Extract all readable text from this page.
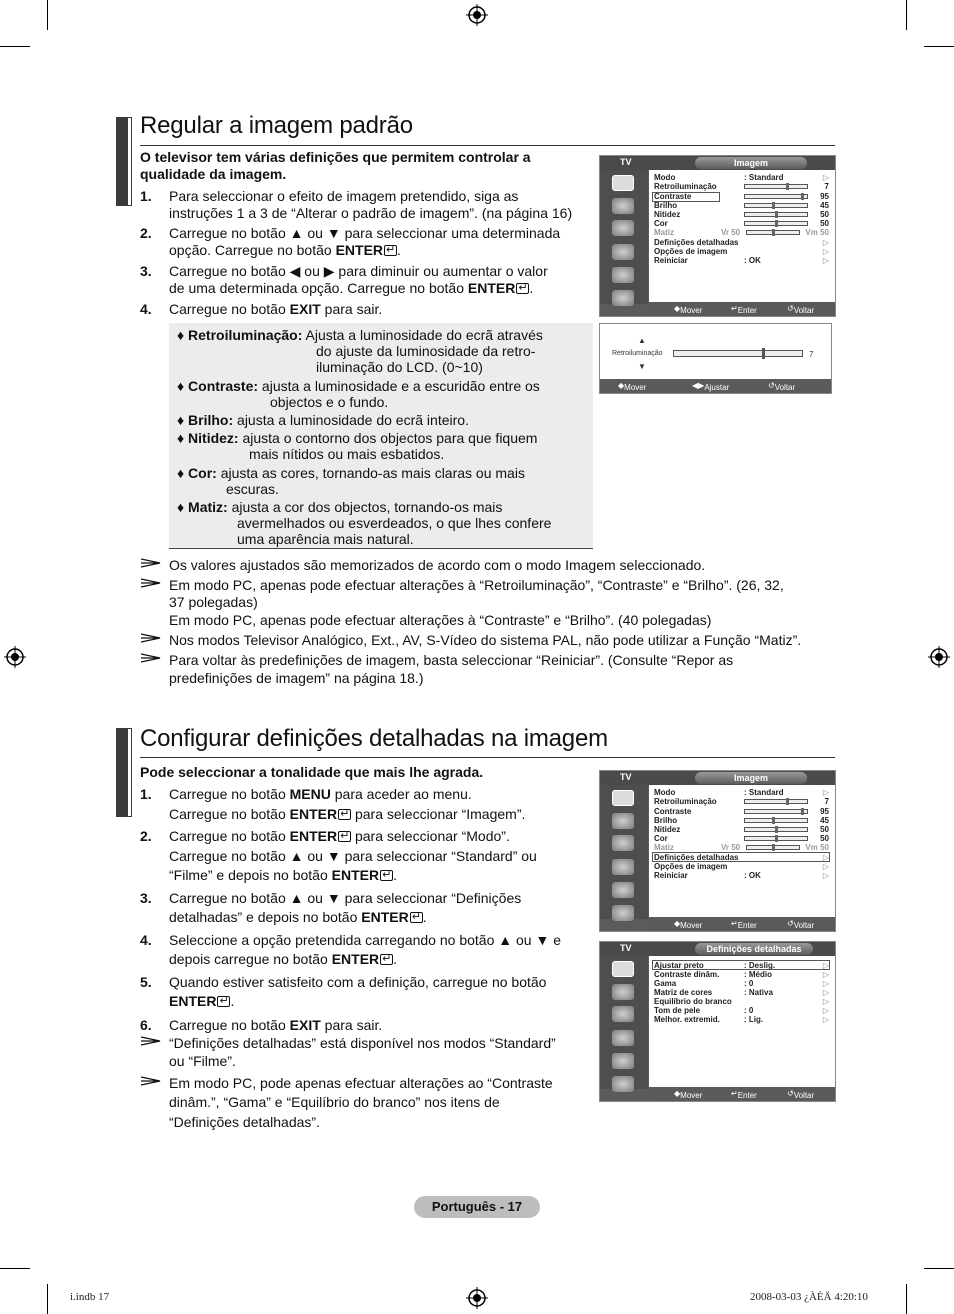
Regular a imagem padrão
O televisor tem várias definições que permitem controlar a
qualidade da imagem.
1. Para seleccionar o efeito de imagem pretendido, siga as
instruções 1 a 3 de “Alterar o padrão de imagem”. (na página 16)
2. Carregue no botão ▲ ou ▼ para seleccionar uma determinada
opção. Carregue no botão ENTER ↵ .
3. Carregue no botão ◀ ou ▶ para diminuir ou aumentar o valor
de uma determinada opção. Carregue no botão ENTER ↵ .
4. Carregue no botão EXIT para sair.
♦ Retroiluminação: Ajusta a luminosidade do ecrã através
do ajuste da luminosidade da retro-
iluminação do LCD. (0~10)
♦ Contraste: ajusta a luminosidade e a escuridão entre os
objectos e o fundo.
♦ Brilho: ajusta a luminosidade do ecrã inteiro.
♦ Nitidez: ajusta o contorno dos objectos para que fiquem
mais nítidos ou mais esbatidos.
♦ Cor: ajusta as cores, tornando-as mais claras ou mais
escuras.
♦ Matiz: ajusta a cor dos objectos, tornando-os mais
avermelhados ou esverdeados, o que lhes confere
uma aparência mais natural.
Os valores ajustados são memorizados de acordo com o modo Imagem seleccionado.
Em modo PC, apenas pode efectuar alterações à “Retroiluminação”, “Contraste” e “Brilho”. (26, 32,
37 polegadas)
Em modo PC, apenas pode efectuar alterações à “Contraste” e “Brilho”. (40 polegadas)
Nos modos Televisor Analógico, Ext., AV, S-Vídeo do sistema PAL, não pode utilizar a Função “Matiz”.
Para voltar às predefinições de imagem, basta seleccionar “Reiniciar”. (Consulte “Repor as
predefinições de imagem” na página 18.)
TV	Imagem
Modo	: Standard	▷
Retroiluminação	7
Contraste	95
Brilho	45
Nitidez	50
Cor	50
Matiz	Vr 50	Vm 50
Definições detalhadas	▷
Opções de imagem	▷
Reiniciar	: OK	▷
◆ Mover	↵ Enter	↺ Voltar
▲
Retroiluminação	7
▼
◆ Mover	◀▶ Ajustar	↺ Voltar
Configurar definições detalhadas na imagem
Pode seleccionar a tonalidade que mais lhe agrada.
1. Carregue no botão MENU para aceder ao menu.
Carregue no botão ENTER↵ para seleccionar “Imagem”.
2. Carregue no botão ENTER↵ para seleccionar “Modo”.
Carregue no botão ▲ ou ▼ para seleccionar “Standard” ou
“Filme” e depois no botão ENTER ↵ .
3. Carregue no botão ▲ ou ▼ para seleccionar “Definições
detalhadas” e depois no botão ENTER ↵ .
4. Seleccione a opção pretendida carregando no botão ▲ ou ▼ e
depois carregue no botão ENTER ↵ .
5. Quando estiver satisfeito com a definição, carregue no botão
ENTER ↵ .
6. Carregue no botão EXIT para sair.
“Definições detalhadas” está disponível nos modos “Standard”
ou “Filme”.
Em modo PC, pode apenas efectuar alterações ao “Contraste
dinâm.”, “Gama” e “Equilíbrio do branco” nos itens de
“Definições detalhadas”.
TV	Imagem
Modo	: Standard	▷
Retroiluminação	7
Contraste	95
Brilho	45
Nitidez	50
Cor	50
Matiz	Vr 50	Vm 50
Definições detalhadas	▷
Opções de imagem	▷
Reiniciar	: OK	▷
◆ Mover	↵ Enter	↺ Voltar
TV	Definições detalhadas
Ajustar preto	: Deslig.	▷
Contraste dinâm.	: Médio	▷
Gama	: 0	▷
Matriz de cores	: Nativa	▷
Equilíbrio do branco	▷
Tom de pele	: 0	▷
Melhor. extremid.	: Lig.	▷
◆ Mover	↵ Enter	↺ Voltar
Português - 17
i.indb 17	2008-03-03 ¿ÀÈÄ 4:20:10
